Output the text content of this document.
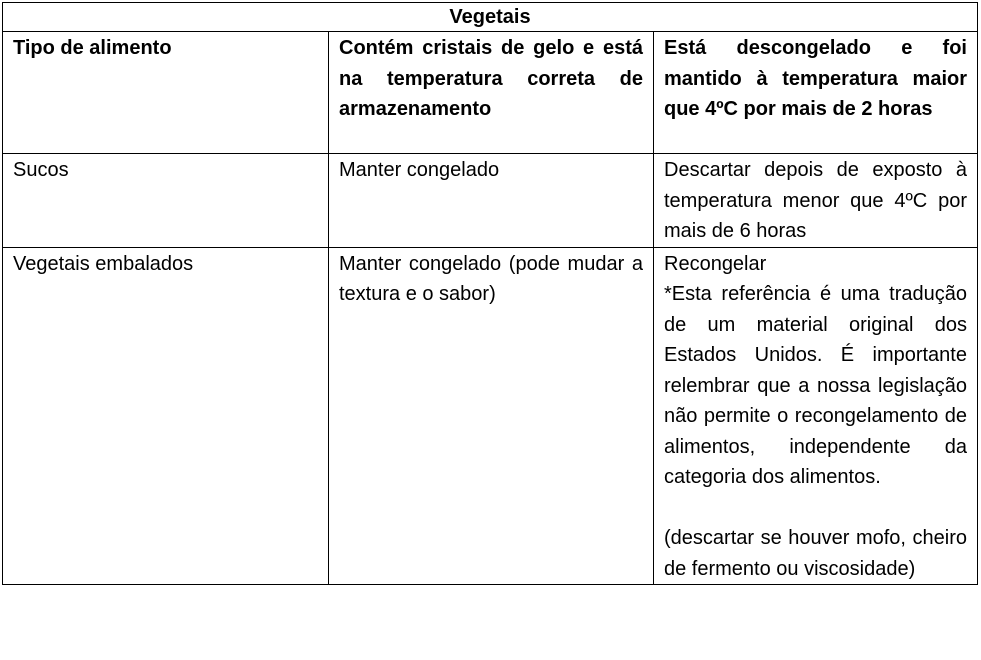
Vegetais		
Tipo de alimento	Contém cristais de gelo e está na temperatura correta de armazenamento	Está descongelado e foi mantido à temperatura maior que 4ºC por mais de 2 horas
Sucos	Manter congelado	Descartar depois de exposto à temperatura menor que 4ºC por mais de 6 horas
Vegetais embalados	Manter congelado (pode mudar a textura e o sabor)	Recongelar
*Esta referência é uma tradução de um material original dos Estados Unidos. É importante relembrar que a nossa legislação não permite o recongelamento de alimentos, independente da categoria dos alimentos.
(descartar se houver mofo, cheiro de fermento ou viscosidade)
